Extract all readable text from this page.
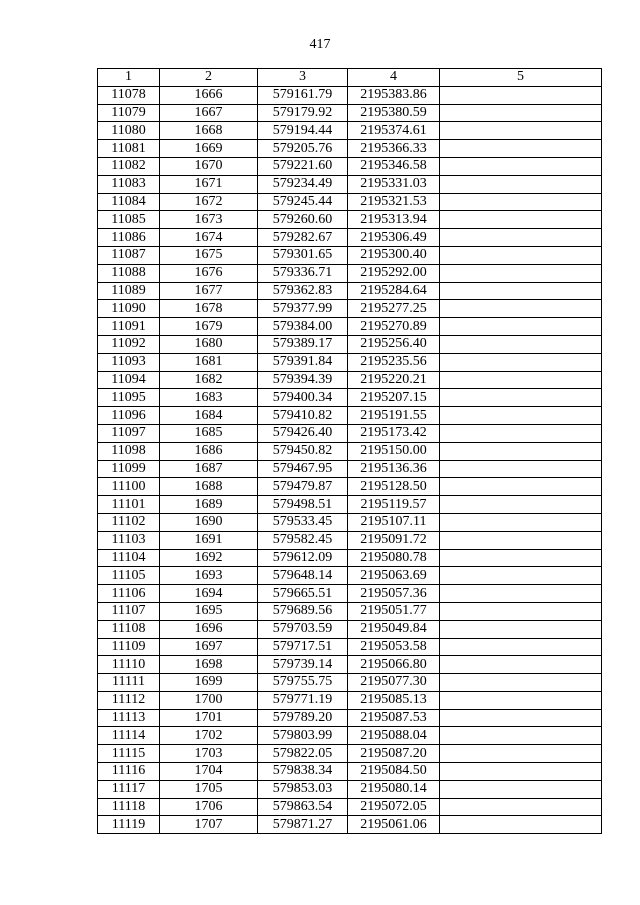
417
1	2	3	4	5
11078	1666	579161.79	2195383.86	
11079	1667	579179.92	2195380.59	
11080	1668	579194.44	2195374.61	
11081	1669	579205.76	2195366.33	
11082	1670	579221.60	2195346.58	
11083	1671	579234.49	2195331.03	
11084	1672	579245.44	2195321.53	
11085	1673	579260.60	2195313.94	
11086	1674	579282.67	2195306.49	
11087	1675	579301.65	2195300.40	
11088	1676	579336.71	2195292.00	
11089	1677	579362.83	2195284.64	
11090	1678	579377.99	2195277.25	
11091	1679	579384.00	2195270.89	
11092	1680	579389.17	2195256.40	
11093	1681	579391.84	2195235.56	
11094	1682	579394.39	2195220.21	
11095	1683	579400.34	2195207.15	
11096	1684	579410.82	2195191.55	
11097	1685	579426.40	2195173.42	
11098	1686	579450.82	2195150.00	
11099	1687	579467.95	2195136.36	
11100	1688	579479.87	2195128.50	
11101	1689	579498.51	2195119.57	
11102	1690	579533.45	2195107.11	
11103	1691	579582.45	2195091.72	
11104	1692	579612.09	2195080.78	
11105	1693	579648.14	2195063.69	
11106	1694	579665.51	2195057.36	
11107	1695	579689.56	2195051.77	
11108	1696	579703.59	2195049.84	
11109	1697	579717.51	2195053.58	
11110	1698	579739.14	2195066.80	
11111	1699	579755.75	2195077.30	
11112	1700	579771.19	2195085.13	
11113	1701	579789.20	2195087.53	
11114	1702	579803.99	2195088.04	
11115	1703	579822.05	2195087.20	
11116	1704	579838.34	2195084.50	
11117	1705	579853.03	2195080.14	
11118	1706	579863.54	2195072.05	
11119	1707	579871.27	2195061.06	
